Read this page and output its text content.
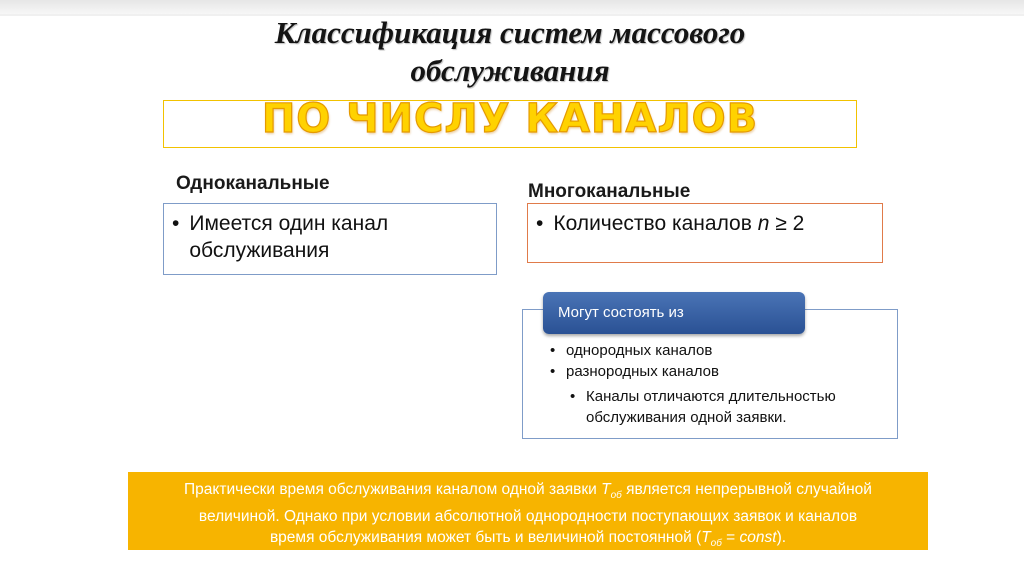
Классификация систем массового
обслуживания
ПО ЧИСЛУ КАНАЛОВ
Одноканальные
• Имеется один канал
обслуживания
Многоканальные
• Количество каналов n ≥ 2
Могут состоять из
• однородных каналов
• разнородных каналов
• Каналы отличаются длительностью
обслуживания одной заявки.
Практически время обслуживания каналом одной заявки $T_{об}$ является непрерывной случайной
величиной. Однако при условии абсолютной однородности поступающих заявок и каналов
время обслуживания может быть и величиной постоянной ($T_{об}$ = const).
